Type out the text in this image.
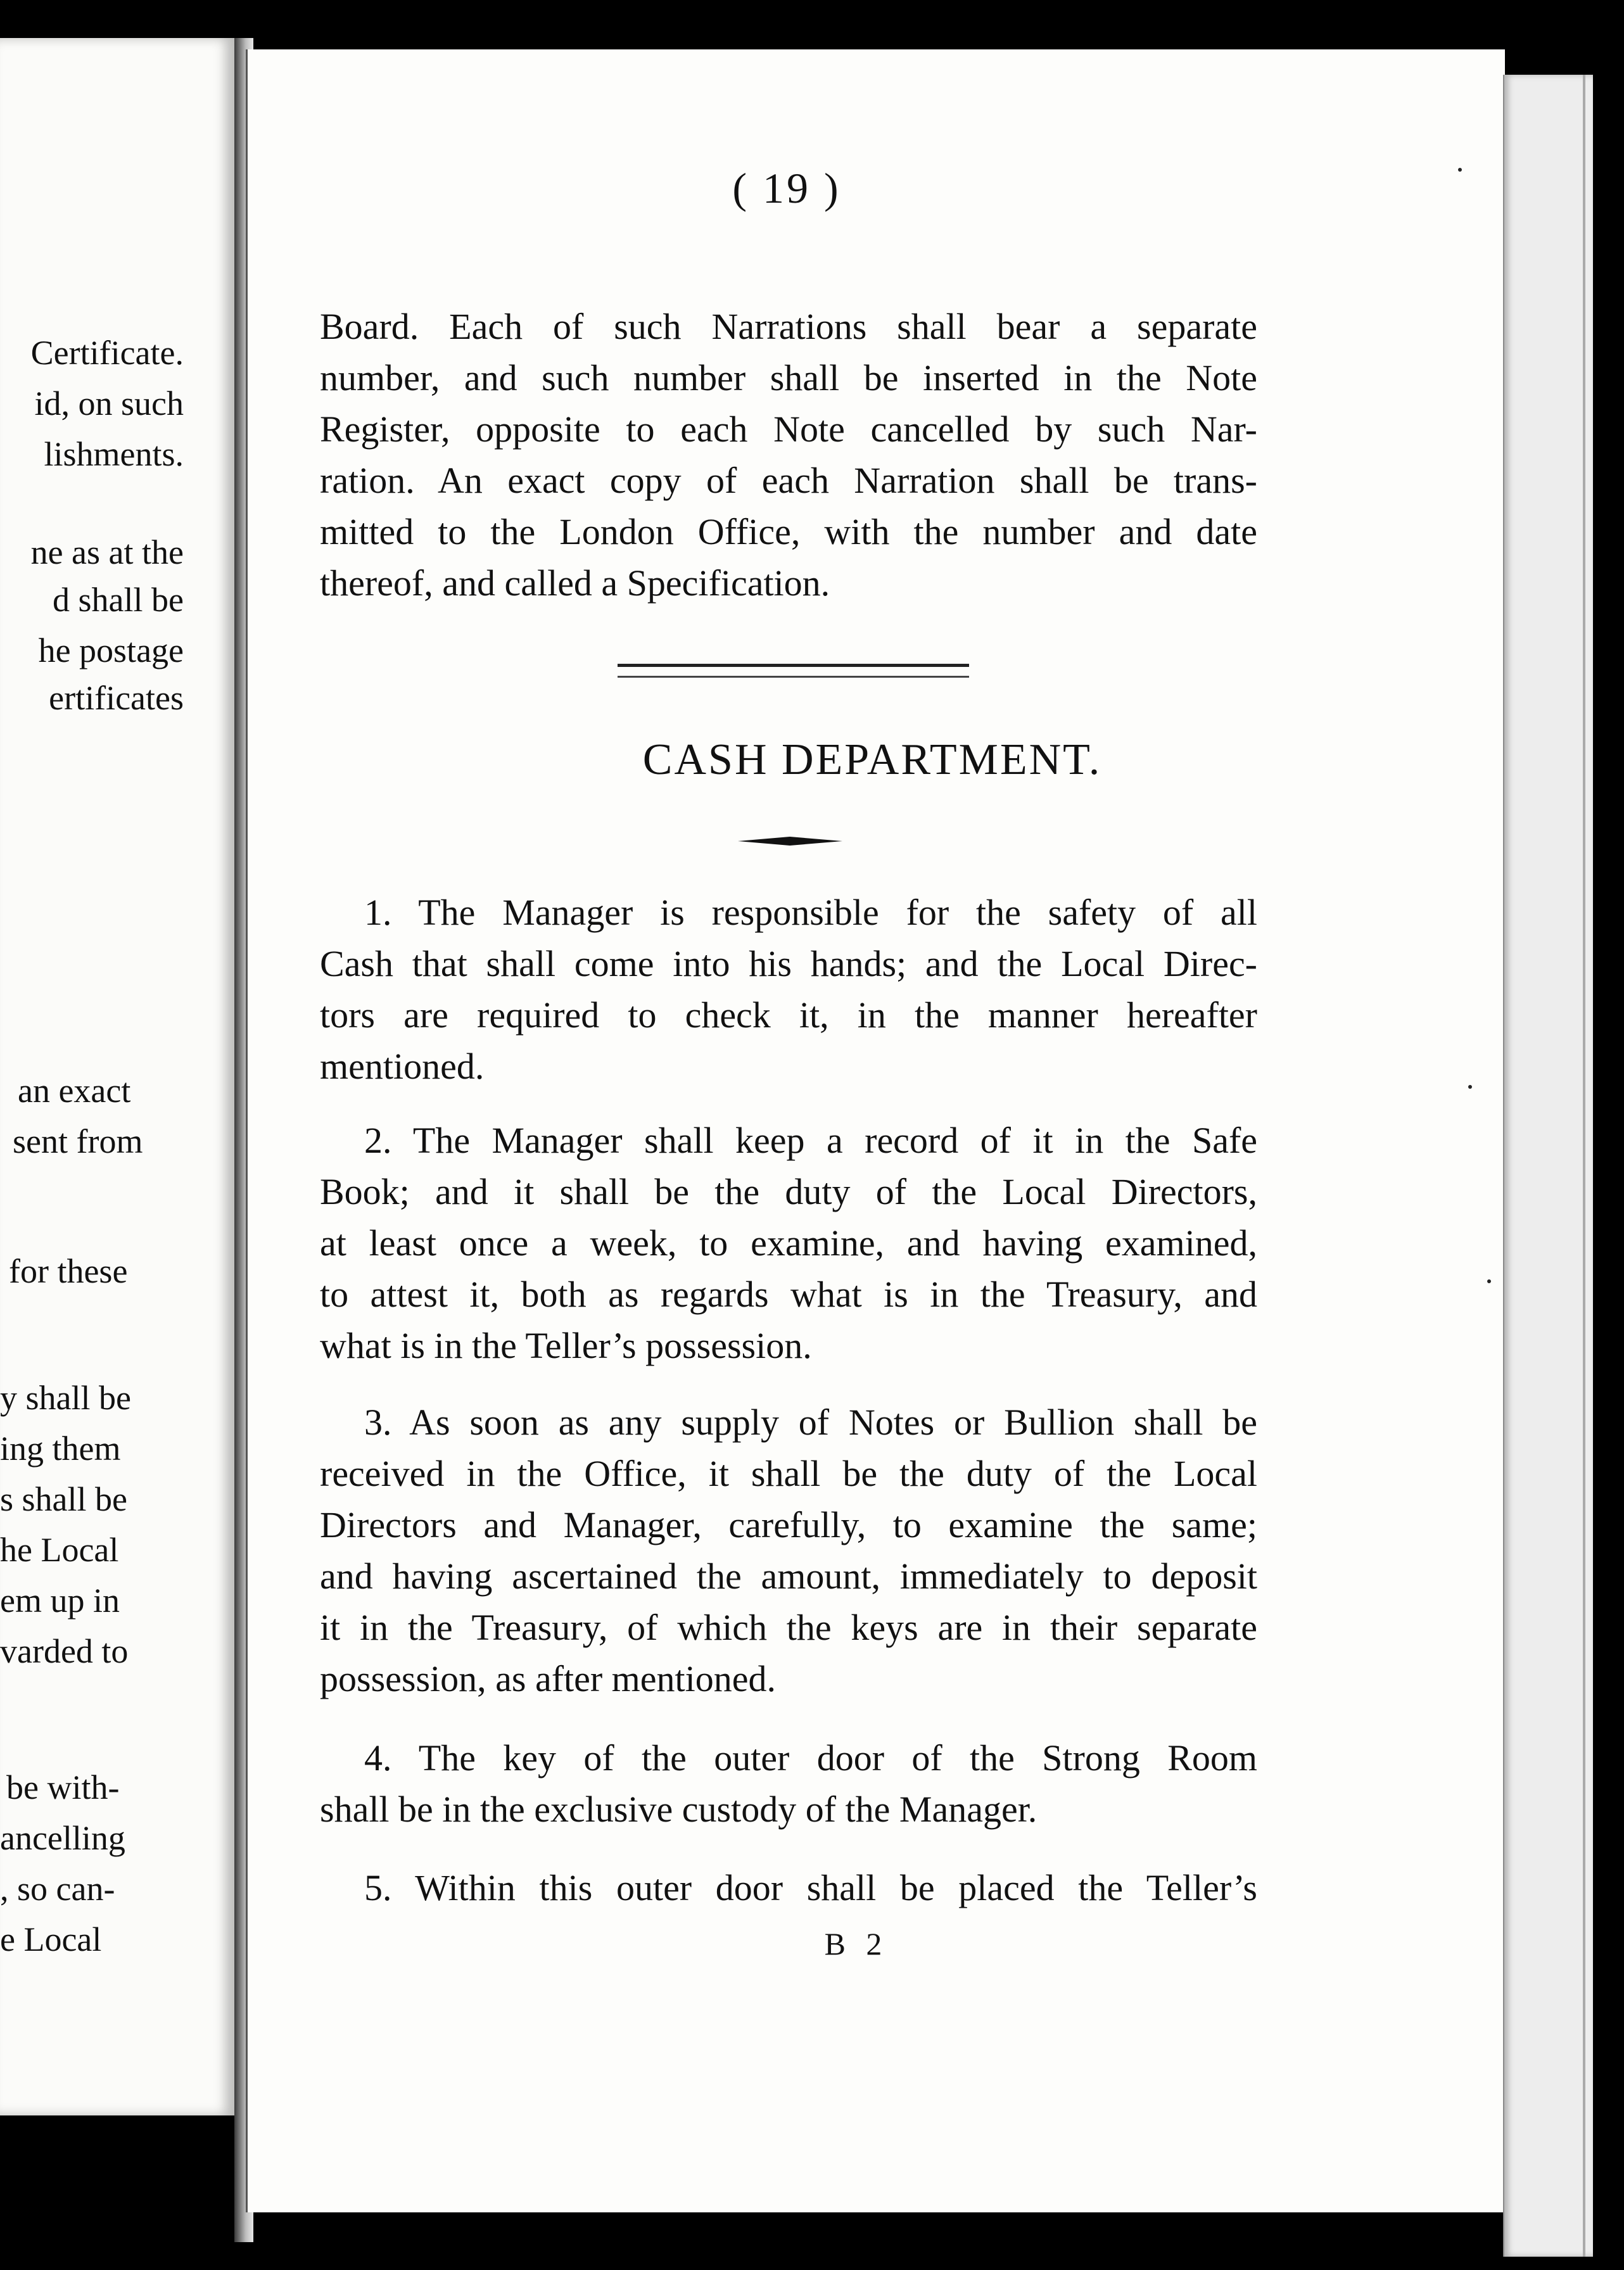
Certificate.
id, on such
lishments.
ne as at the
d shall be
he postage
ertificates
an exact
sent from
for these
y shall be
ing them
s shall be
he Local
em up in
varded to
be with-
ancelling
, so can-
e Local
( 19 )
Board. Each of such Narrations shall bear a separate
number, and such number shall be inserted in the Note
Register, opposite to each Note cancelled by such Nar-
ration. An exact copy of each Narration shall be trans-
mitted to the London Office, with the number and date
thereof, and called a Specification.
CASH DEPARTMENT.
1. The Manager is responsible for the safety of all
Cash that shall come into his hands; and the Local Direc-
tors are required to check it, in the manner hereafter
mentioned.
2. The Manager shall keep a record of it in the Safe
Book; and it shall be the duty of the Local Directors,
at least once a week, to examine, and having examined,
to attest it, both as regards what is in the Treasury, and
what is in the Teller’s possession.
3. As soon as any supply of Notes or Bullion shall be
received in the Office, it shall be the duty of the Local
Directors and Manager, carefully, to examine the same;
and having ascertained the amount, immediately to deposit
it in the Treasury, of which the keys are in their separate
possession, as after mentioned.
4. The key of the outer door of the Strong Room
shall be in the exclusive custody of the Manager.
5. Within this outer door shall be placed the Teller’s
B 2
